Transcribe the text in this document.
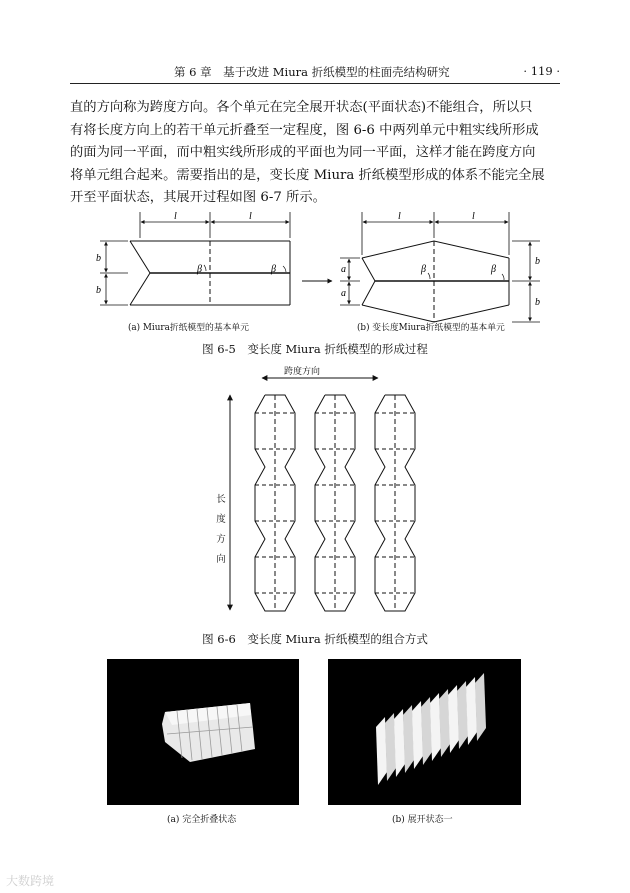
第 6 章　基于改进 Miura 折纸模型的柱面壳结构研究	· 119 ·
直的方向称为跨度方向。各个单元在完全展开状态(平面状态)不能组合，所以只
有将长度方向上的若干单元折叠至一定程度，图 6-6 中两列单元中粗实线所形成
的面为同一平面，而中粗实线所形成的平面也为同一平面，这样才能在跨度方向
将单元组合起来。需要指出的是，变长度 Miura 折纸模型形成的体系不能完全展
开至平面状态，其展开过程如图 6-7 所示。
l	l
b
b
β	β
l	l
a
a
b
b
β	β
(a) Miura折纸模型的基本单元	(b) 变长度Miura折纸模型的基本单元
图 6-5　变长度 Miura 折纸模型的形成过程
跨度方向
长
度
方
向
图 6-6　变长度 Miura 折纸模型的组合方式
(a) 完全折叠状态	(b) 展开状态一
大数跨境
